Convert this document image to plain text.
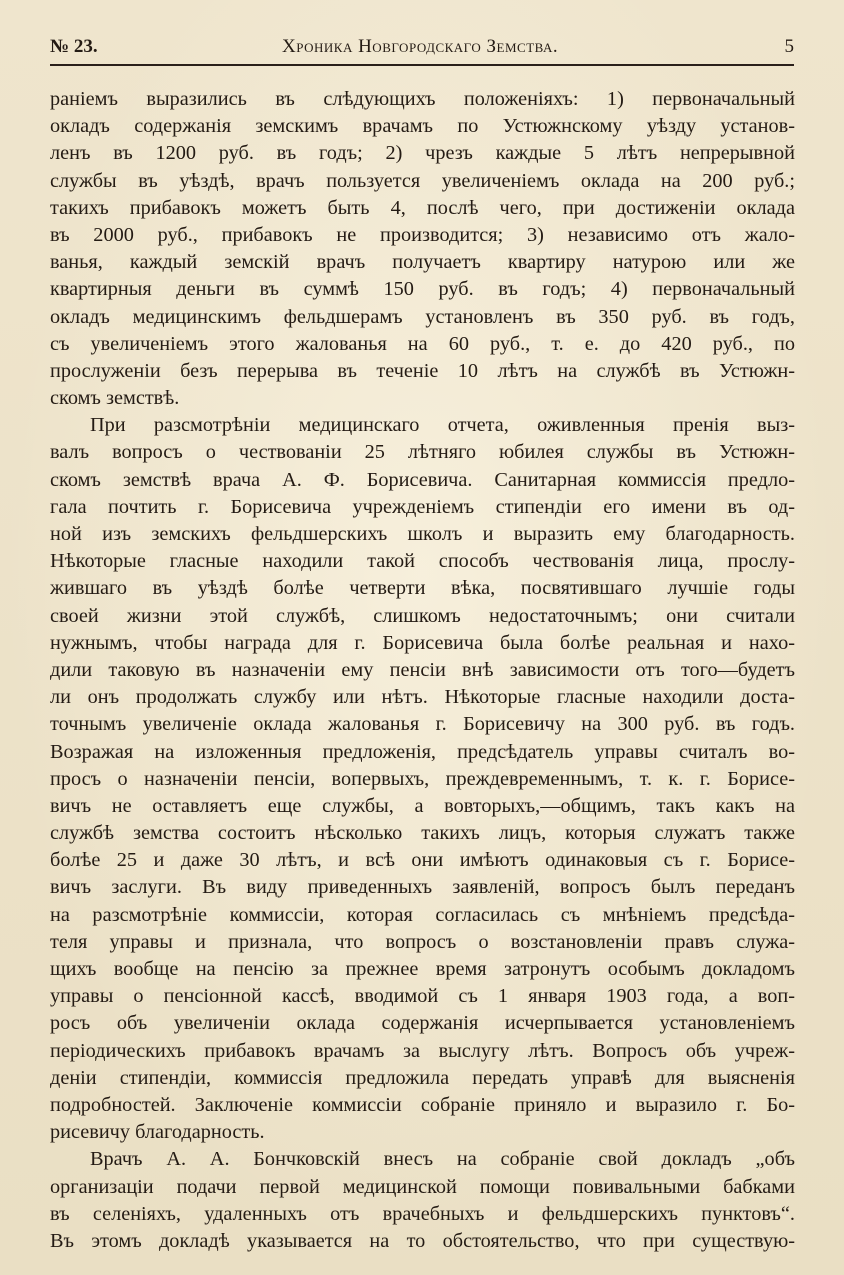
№ 23.	Хроника Новгородскаго Земства.	5
раніемъ выразились въ слѣдующихъ положеніяхъ: 1) первоначальный
окладъ содержанія земскимъ врачамъ по Устюжнскому уѣзду установ-
ленъ въ 1200 руб. въ годъ; 2) чрезъ каждые 5 лѣтъ непрерывной
службы въ уѣздѣ, врачъ пользуется увеличеніемъ оклада на 200 руб.;
такихъ прибавокъ можетъ быть 4, послѣ чего, при достиженіи оклада
въ 2000 руб., прибавокъ не производится; 3) независимо отъ жало-
ванья, каждый земскій врачъ получаетъ квартиру натурою или же
квартирныя деньги въ суммѣ 150 руб. въ годъ; 4) первоначальный
окладъ медицинскимъ фельдшерамъ установленъ въ 350 руб. въ годъ,
съ увеличеніемъ этого жалованья на 60 руб., т. е. до 420 руб., по
прослуженіи безъ перерыва въ теченіе 10 лѣтъ на службѣ въ Устюжн-
скомъ земствѣ.
При разсмотрѣніи медицинскаго отчета, оживленныя пренія выз-
валъ вопросъ о чествованіи 25 лѣтняго юбилея службы въ Устюжн-
скомъ земствѣ врача А. Ф. Борисевича. Санитарная коммиссія предло-
гала почтить г. Борисевича учрежденіемъ стипендіи его имени въ од-
ной изъ земскихъ фельдшерскихъ школъ и выразить ему благодарность.
Нѣкоторые гласные находили такой способъ чествованія лица, прослу-
жившаго въ уѣздѣ болѣе четверти вѣка, посвятившаго лучшіе годы
своей жизни этой службѣ, слишкомъ недостаточнымъ; они считали
нужнымъ, чтобы награда для г. Борисевича была болѣе реальная и нахо-
дили таковую въ назначеніи ему пенсіи внѣ зависимости отъ того—будетъ
ли онъ продолжать службу или нѣтъ. Нѣкоторые гласные находили доста-
точнымъ увеличеніе оклада жалованья г. Борисевичу на 300 руб. въ годъ.
Возражая на изложенныя предложенія, предсѣдатель управы считалъ во-
просъ о назначеніи пенсіи, вопервыхъ, преждевременнымъ, т. к. г. Борисе-
вичъ не оставляетъ еще службы, а вовторыхъ,—общимъ, такъ какъ на
службѣ земства состоитъ нѣсколько такихъ лицъ, которыя служатъ также
болѣе 25 и даже 30 лѣтъ, и всѣ они имѣютъ одинаковыя съ г. Борисе-
вичъ заслуги. Въ виду приведенныхъ заявленій, вопросъ былъ переданъ
на разсмотрѣніе коммиссіи, которая согласилась съ мнѣніемъ предсѣда-
теля управы и признала, что вопросъ о возстановленіи правъ служа-
щихъ вообще на пенсію за прежнее время затронутъ особымъ докладомъ
управы о пенсіонной кассѣ, вводимой съ 1 января 1903 года, а воп-
росъ объ увеличеніи оклада содержанія исчерпывается установленіемъ
періодическихъ прибавокъ врачамъ за выслугу лѣтъ. Вопросъ объ учреж-
деніи стипендіи, коммиссія предложила передать управѣ для выясненія
подробностей. Заключеніе коммиссіи собраніе приняло и выразило г. Бо-
рисевичу благодарность.
Врачъ А. А. Бончковскій внесъ на собраніе свой докладъ „объ
организаціи подачи первой медицинской помощи повивальными бабками
въ селеніяхъ, удаленныхъ отъ врачебныхъ и фельдшерскихъ пунктовъ“.
Въ этомъ докладѣ указывается на то обстоятельство, что при существую-
